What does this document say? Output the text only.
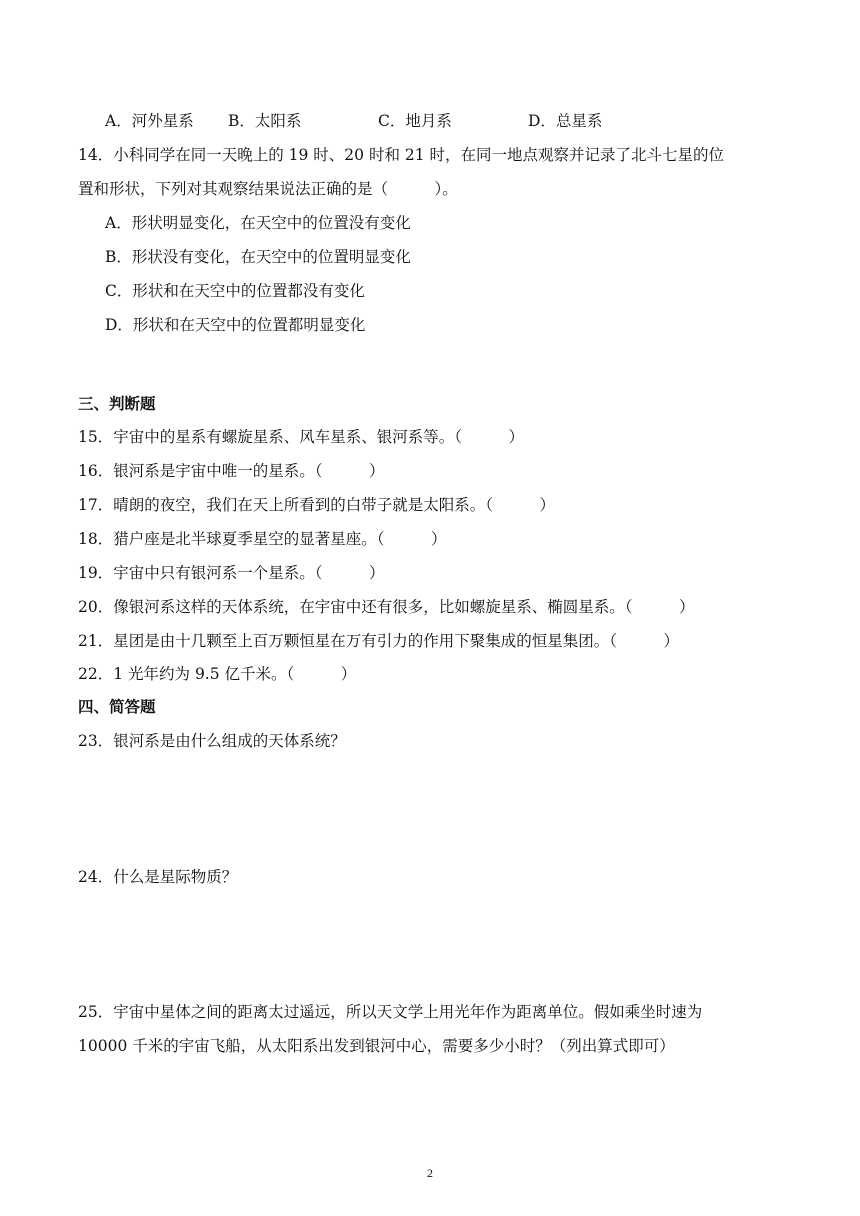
A．河外星系 B．太阳系	C．地月系	D．总星系
14．小科同学在同一天晚上的 19 时、20 时和 21 时，在同一地点观察并记录了北斗七星的位
置和形状，下列对其观察结果说法正确的是（　　　）。
A．形状明显变化，在天空中的位置没有变化
B．形状没有变化，在天空中的位置明显变化
C．形状和在天空中的位置都没有变化
D．形状和在天空中的位置都明显变化
三、判断题
15．宇宙中的星系有螺旋星系、风车星系、银河系等。（　　　）
16．银河系是宇宙中唯一的星系。（　　　）
17．晴朗的夜空，我们在天上所看到的白带子就是太阳系。（　　　）
18．猎户座是北半球夏季星空的显著星座。（　　　）
19．宇宙中只有银河系一个星系。（　　　）
20．像银河系这样的天体系统，在宇宙中还有很多，比如螺旋星系、椭圆星系。（　　　）
21．星团是由十几颗至上百万颗恒星在万有引力的作用下聚集成的恒星集团。（　　　）
22．1 光年约为 9.5 亿千米。（　　　）
四、简答题
23．银河系是由什么组成的天体系统？
24．什么是星际物质？
25．宇宙中星体之间的距离太过遥远，所以天文学上用光年作为距离单位。假如乘坐时速为
10000 千米的宇宙飞船，从太阳系出发到银河中心，需要多少小时？（列出算式即可）
2
